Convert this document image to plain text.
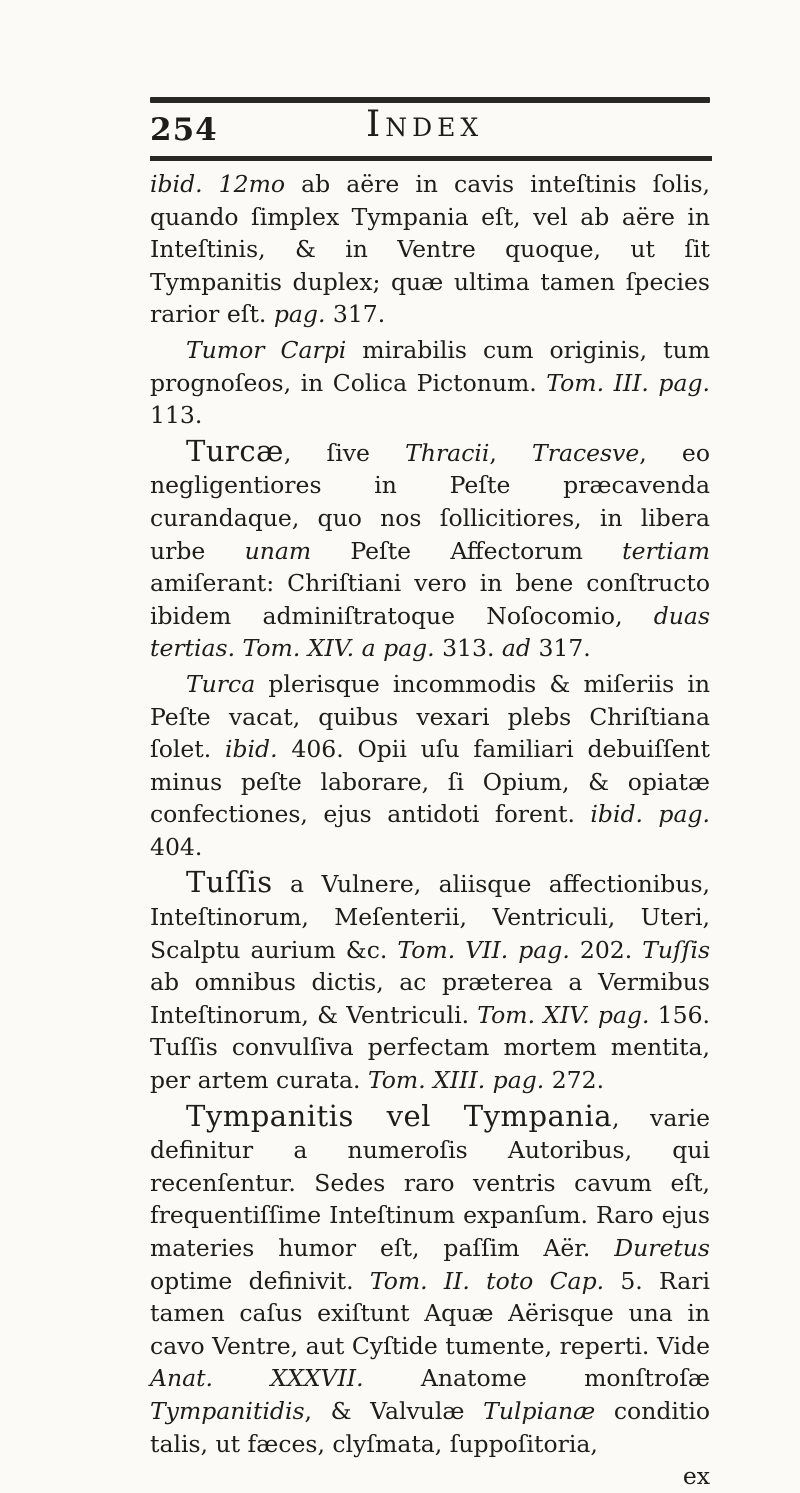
254	Index

ibid. 12mo ab aëre in cavis inteſtinis ſolis, quando ſimplex Tympania eſt, vel ab aëre in Inteſtinis, & in Ventre quoque, ut ſit Tympanitis duplex; quæ ultima tamen ſpecies rarior eſt. pag. 317.

Tumor Carpi mirabilis cum originis, tum prognoſeos, in Colica Pictonum. Tom. III. pag. 113.

Turcæ, ſive Thracii, Tracesve, eo negligentiores in Peſte præcavenda curandaque, quo nos ſollicitiores, in libera urbe unam Peſte Affectorum tertiam amiſerant: Chriſtiani vero in bene conſtructo ibidem adminiſtratoque Noſocomio, duas tertias. Tom. XIV. a pag. 313. ad 317.

Turca plerisque incommodis & miſeriis in Peſte vacat, quibus vexari plebs Chriſtiana ſolet. ibid. 406. Opii uſu familiari debuiſſent minus peſte laborare, ſi Opium, & opiatæ confectiones, ejus antidoti forent. ibid. pag. 404.

Tuſſis a Vulnere, aliisque affectionibus, Inteſtinorum, Meſenterii, Ventriculi, Uteri, Scalptu aurium &c. Tom. VII. pag. 202. Tuſſis ab omnibus dictis, ac præterea a Vermibus Inteſtinorum, & Ventriculi. Tom. XIV. pag. 156. Tuſſis convulſiva perfectam mortem mentita, per artem curata. Tom. XIII. pag. 272.

Tympanitis vel Tympania, varie definitur a numeroſis Autoribus, qui recenſentur. Sedes raro ventris cavum eſt, frequentiſſime Inteſtinum expanſum. Raro ejus materies humor eſt, paſſim Aër. Duretus optime definivit. Tom. II. toto Cap. 5. Rari tamen caſus exiſtunt Aquæ Aërisque una in cavo Ventre, aut Cyſtide tumente, reperti. Vide Anat. XXXVII. Anatome monſtroſæ Tympanitidis, & Valvulæ Tulpianæ conditio talis, ut fæces, clyſmata, ſuppoſitoria,

ex
